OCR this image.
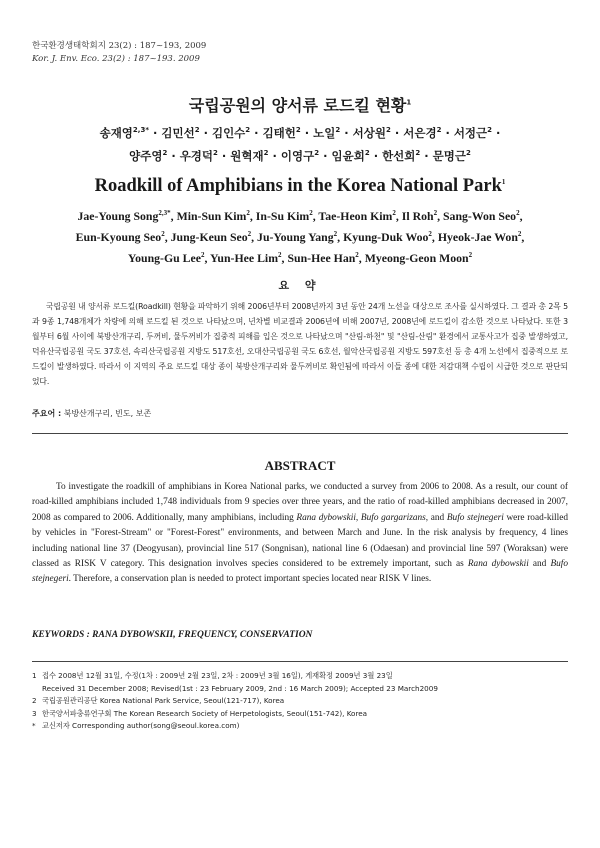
한국환경생태학회지 23(2) : 187~193, 2009
Kor. J. Env. Eco. 23(2) : 187~193. 2009
국립공원의 양서류 로드킬 현황$^1$
송재영$^{2,3*}$ · 김민선$^2$ · 김인수$^2$ · 김태헌$^2$ · 노일$^2$ · 서상원$^2$ · 서은경$^2$ · 서정근$^2$ ·
양주영$^2$ · 우경덕$^2$ · 원혁재$^2$ · 이영구$^2$ · 임윤희$^2$ · 한선희$^2$ · 문명근$^2$
Roadkill of Amphibians in the Korea National Park$^1$
Jae-Young Song$^{2,3*}$, Min-Sun Kim$^2$, In-Su Kim$^2$, Tae-Heon Kim$^2$, Il Roh$^2$, Sang-Won Seo$^2$,
Eun-Kyoung Seo$^2$, Jung-Keun Seo$^2$, Ju-Young Yang$^2$, Kyung-Duk Woo$^2$, Hyeok-Jae Won$^2$,
Young-Gu Lee$^2$, Yun-Hee Lim$^2$, Sun-Hee Han$^2$, Myeong-Geon Moon$^2$
요 약
국립공원 내 양서류 로드킬(Roadkill) 현황을 파악하기 위해 2006년부터 2008년까지 3년 동안 24개 노선을 대상으로 조사를 실시하였다. 그 결과 총 2목 5과 9종 1,748개체가 차량에 의해 로드킬 된 것으로 나타났으며, 년차별 비교결과 2006년에 비해 2007년, 2008년에 로드킬이 감소한 것으로 나타났다. 또한 3월부터 6월 사이에 북방산개구리, 두꺼비, 물두꺼비가 집중적 피해를 입은 것으로 나타났으며 "산림-하천" 및 "산림-산림" 환경에서 교통사고가 집중 발생하였고, 덕유산국립공원 국도 37호선, 속리산국립공원 지방도 517호선, 오대산국립공원 국도 6호선, 월악산국립공원 지방도 597호선 등 총 4개 노선에서 집중적으로 로드킬이 발생하였다. 따라서 이 지역의 주요 로드킬 대상 종이 북방산개구리와 물두꺼비로 확인됨에 따라서 이들 종에 대한 저감대책 수립이 시급한 것으로 판단되었다.
주요어 : 북방산개구리, 빈도, 보존
ABSTRACT
To investigate the roadkill of amphibians in Korea National parks, we conducted a survey from 2006 to 2008. As a result, our count of road-killed amphibians included 1,748 individuals from 9 species over three years, and the ratio of road-killed amphibians decreased in 2007, 2008 as compared to 2006. Additionally, many amphibians, including Rana dybowskii, Bufo gargarizans, and Bufo stejnegeri were road-killed by vehicles in "Forest-Stream" or "Forest-Forest" environments, and between March and June. In the risk analysis by frequency, 4 lines including national line 37 (Deogyusan), provincial line 517 (Songnisan), national line 6 (Odaesan) and provincial line 597 (Woraksan) were classed as RISK V category. This designation involves species considered to be extremely important, such as Rana dybowskii and Bufo stejnegeri. Therefore, a conservation plan is needed to protect important species located near RISK V lines.
KEYWORDS : RANA DYBOWSKII, FREQUENCY, CONSERVATION
1 접수 2008년 12월 31일, 수정(1차 : 2009년 2월 23일, 2차 : 2009년 3월 16일), 게재확정 2009년 3월 23일
Received 31 December 2008; Revised(1st : 23 February 2009, 2nd : 16 March 2009); Accepted 23 March2009
2 국립공원관리공단 Korea National Park Service, Seoul(121-717), Korea
3 한국양서파충류연구회 The Korean Research Society of Herpetologists, Seoul(151-742), Korea
* 교신저자 Corresponding author(song@seoul.korea.com)
